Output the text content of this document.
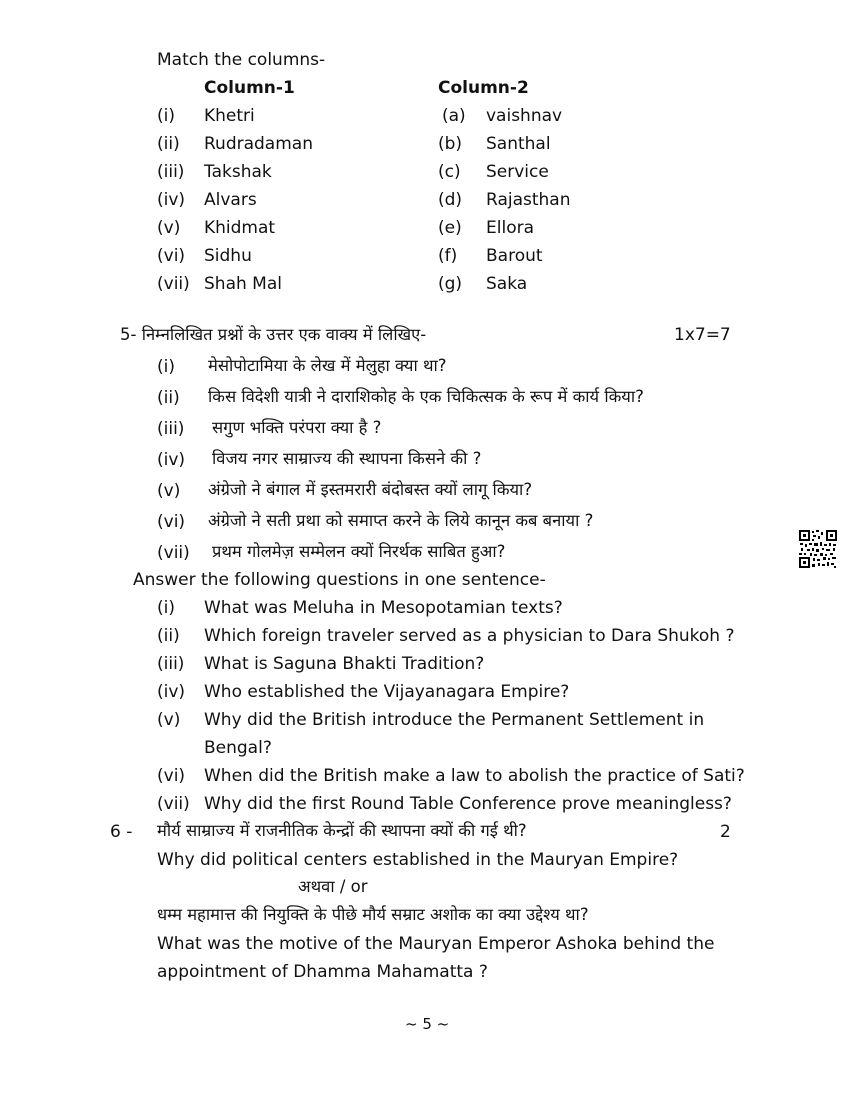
Match the columns-
Column-1	Column-2
(i) Khetri	(a) vaishnav
(ii) Rudradaman	(b) Santhal
(iii) Takshak	(c) Service
(iv) Alvars	(d) Rajasthan
(v) Khidmat	(e) Ellora
(vi) Sidhu	(f) Barout
(vii) Shah Mal	(g) Saka
5- निम्नलिखित प्रश्नों के उत्तर एक वाक्य में लिखिए-	1x7=7
(i) मेसोपोटामिया के लेख में मेलुहा क्या था?
(ii) किस विदेशी यात्री ने दाराशिकोह के एक चिकित्सक के रूप में कार्य किया?
(iii) सगुण भक्ति परंपरा क्या है ?
(iv) विजय नगर साम्राज्य की स्थापना किसने की ?
(v) अंग्रेजो ने बंगाल में इस्तमरारी बंदोबस्त क्यों लागू किया?
(vi) अंग्रेजो ने सती प्रथा को समाप्त करने के लिये कानून कब बनाया ?
(vii) प्रथम गोलमेज़ सम्मेलन क्यों निरर्थक साबित हुआ?
Answer the following questions in one sentence-
(i) What was Meluha in Mesopotamian texts?
(ii) Which foreign traveler served as a physician to Dara Shukoh ?
(iii) What is Saguna Bhakti Tradition?
(iv) Who established the Vijayanagara Empire?
(v) Why did the British introduce the Permanent Settlement in
Bengal?
(vi) When did the British make a law to abolish the practice of Sati?
(vii) Why did the first Round Table Conference prove meaningless?
6 - मौर्य साम्राज्य में राजनीतिक केन्द्रों की स्थापना क्यों की गई थी?	2
Why did political centers established in the Mauryan Empire?
अथवा / or
धम्म महामात्त की नियुक्ति के पीछे मौर्य सम्राट अशोक का क्या उद्देश्य था?
What was the motive of the Mauryan Emperor Ashoka behind the
appointment of Dhamma Mahamatta ?
~ 5 ~
